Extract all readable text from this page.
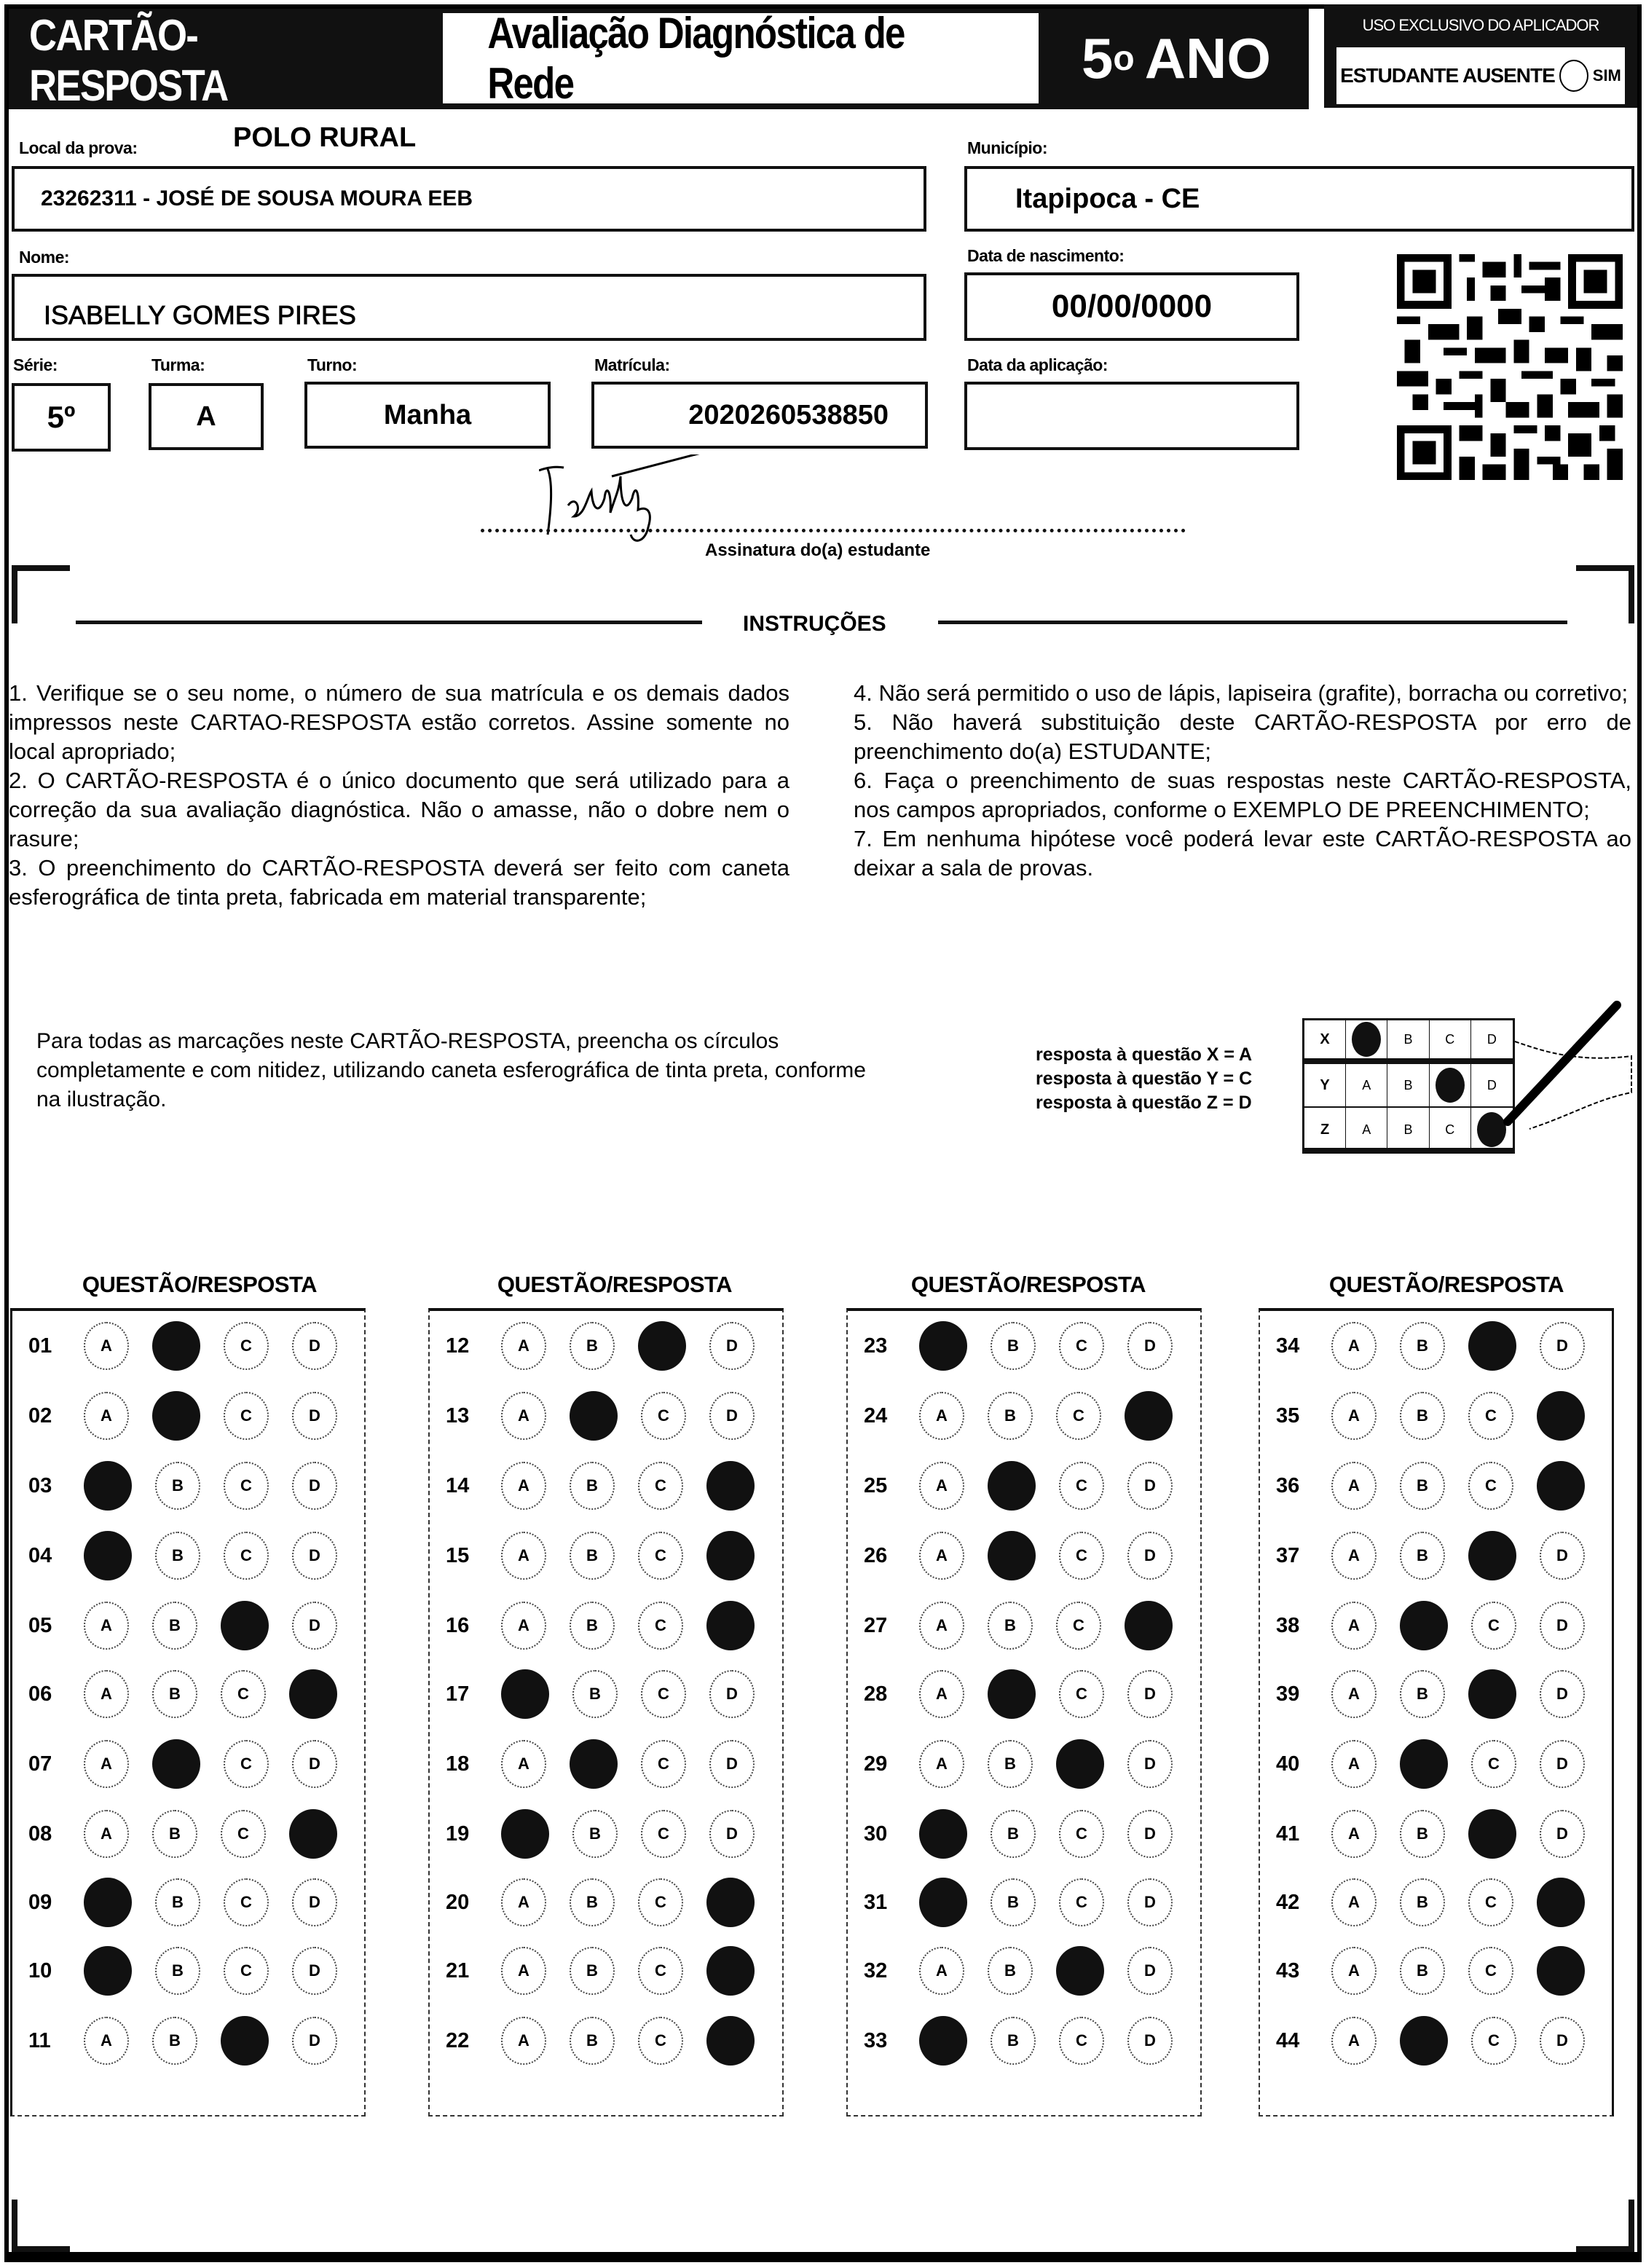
CARTÃO-RESPOSTA
Avaliação Diagnóstica de Rede	5 o ANO
USO EXCLUSIVO DO APLICADOR
ESTUDANTE AUSENTE SIM
Local da prova:	POLO RURAL
23262311 - JOSÉ DE SOUSA MOURA EEB
Município:
Itapipoca - CE
Nome:
ISABELLY GOMES PIRES
Data de nascimento:
00/00/0000
Série:
5º
Turma:
A
Turno:
Manha
Matrícula:
2020260538850
Data da aplicação:
Assinatura do(a) estudante
INSTRUÇÕES

1. Verifique se o seu nome, o número de sua matrícula e os demais dados impressos neste CARTAO-RESPOSTA estão corretos. Assine somente no local apropriado;

2. O CARTÃO-RESPOSTA é o único documento que será utilizado para a correção da sua avaliação diagnóstica. Não o amasse, não o dobre nem o rasure;

3. O preenchimento do CARTÃO-RESPOSTA deverá ser feito com caneta esferográfica de tinta preta, fabricada em material transparente;

4. Não será permitido o uso de lápis, lapiseira (grafite), borracha ou corretivo;

5. Não haverá substituição deste CARTÃO-RESPOSTA por erro de preenchimento do(a) ESTUDANTE;

6. Faça o preenchimento de suas respostas neste CARTÃO-RESPOSTA, nos campos apropriados, conforme o EXEMPLO DE PREENCHIMENTO;

7. Em nenhuma hipótese você poderá levar este CARTÃO-RESPOSTA ao deixar a sala de provas.

Para todas as marcações neste CARTÃO-RESPOSTA, preencha os círculos completamente e com nitidez, utilizando caneta esferográfica de tinta preta, conforme na ilustração.
resposta à questão X = A
resposta à questão Y = C
resposta à questão Z = D
X	B	C	D
Y	A	B	D
Z	A	B	C
QUESTÃO/RESPOSTA
01	A	C	D
02	A	C	D
03	B	C	D
04	B	C	D
05	A	B	D
06	A	B	C
07	A	C	D
08	A	B	C
09	B	C	D
10	B	C	D
11	A	B	D
QUESTÃO/RESPOSTA
12	A	B	D
13	A	C	D
14	A	B	C
15	A	B	C
16	A	B	C
17	B	C	D
18	A	C	D
19	B	C	D
20	A	B	C
21	A	B	C
22	A	B	C
QUESTÃO/RESPOSTA
23	B	C	D
24	A	B	C
25	A	C	D
26	A	C	D
27	A	B	C
28	A	C	D
29	A	B	D
30	B	C	D
31	B	C	D
32	A	B	D
33	B	C	D
QUESTÃO/RESPOSTA
34	A	B	D
35	A	B	C
36	A	B	C
37	A	B	D
38	A	C	D
39	A	B	D
40	A	C	D
41	A	B	D
42	A	B	C
43	A	B	C
44	A	C	D
